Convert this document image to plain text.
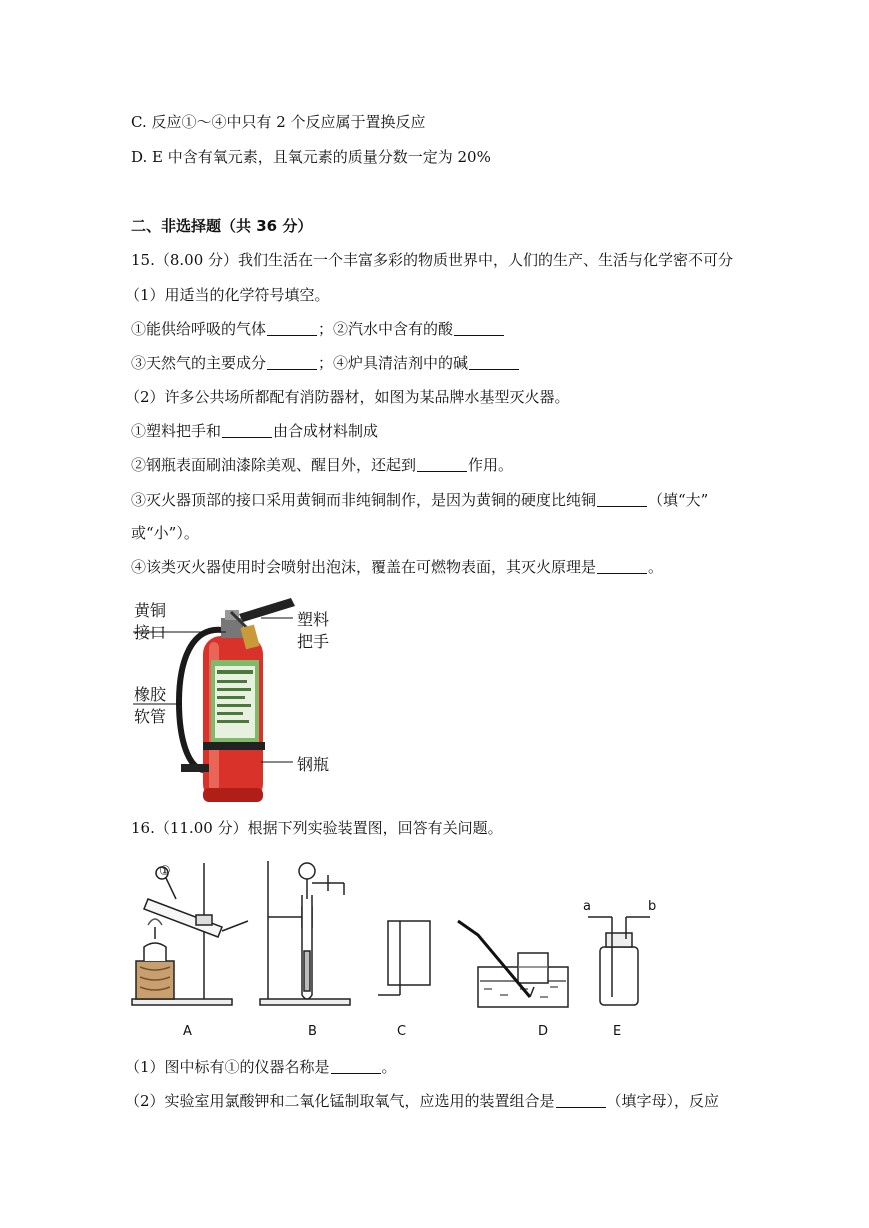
C. 反应①～④中只有 2 个反应属于置换反应
D. E 中含有氧元素，且氧元素的质量分数一定为 20%
二、非选择题（共 36 分）
15.（8.00 分）我们生活在一个丰富多彩的物质世界中，人们的生产、生活与化学密不可分
（1）用适当的化学符号填空。
①能供给呼吸的气体	；②汽水中含有的酸
③天然气的主要成分	；④炉具清洁剂中的碱
（2）许多公共场所都配有消防器材，如图为某品牌水基型灭火器。
①塑料把手和	由合成材料制成
②钢瓶表面刷油漆除美观、醒目外，还起到	作用。
③灭火器顶部的接口采用黄铜而非纯铜制作，是因为黄铜的硬度比纯铜	（填“大”
或“小”）。
④该类灭火器使用时会喷射出泡沫，覆盖在可燃物表面，其灭火原理是	。
黄铜
接口
塑料
把手
橡胶
软管
钢瓶
16.（11.00 分）根据下列实验装置图，回答有关问题。
①
a	b
A	B	C	D	E
（1）图中标有①的仪器名称是	。
（2）实验室用氯酸钾和二氧化锰制取氧气，应选用的装置组合是	（填字母），反应
